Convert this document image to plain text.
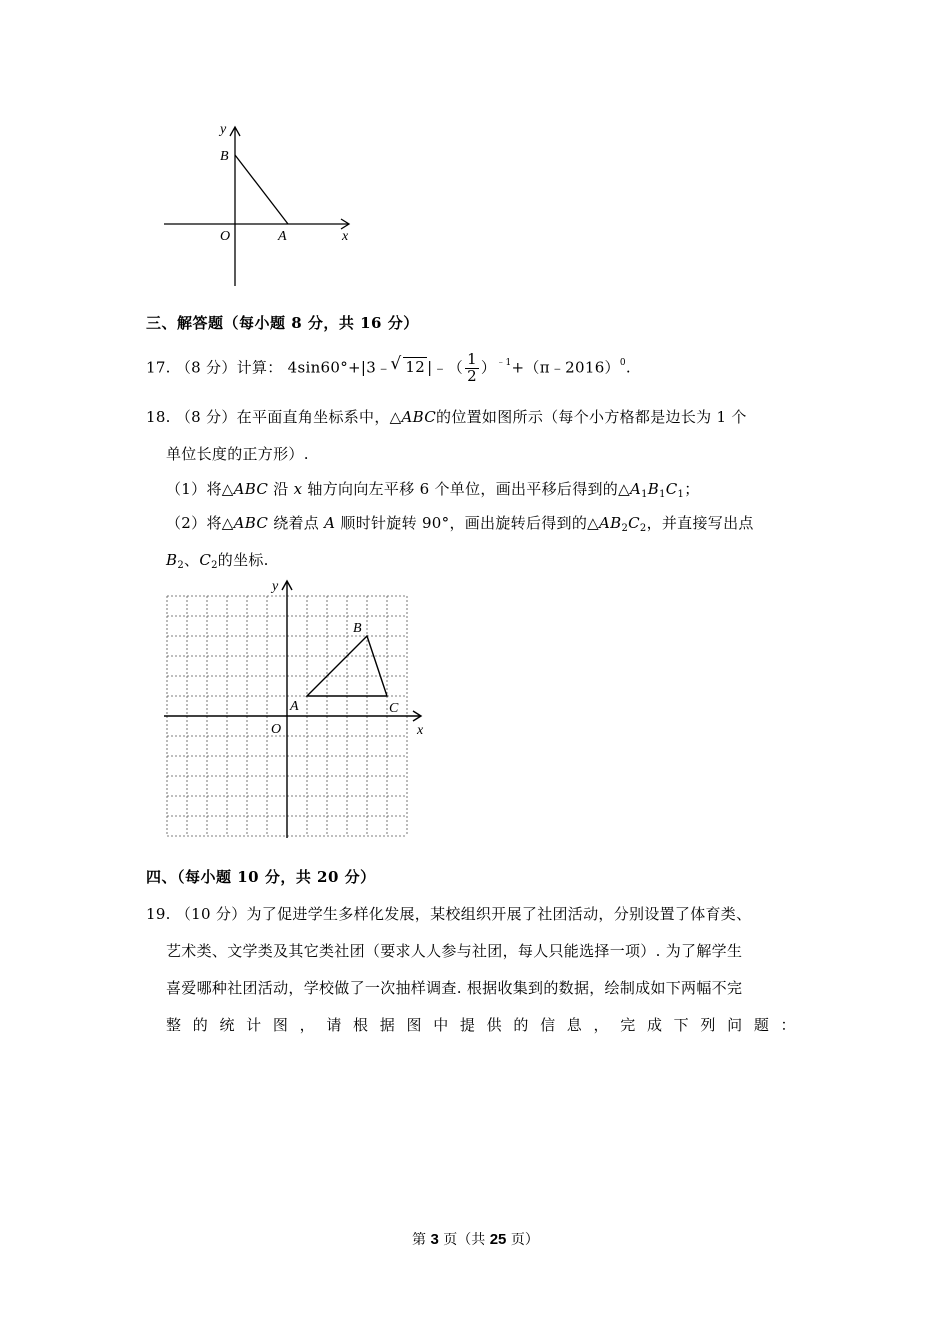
y
B
O	A	x
三、解答题（每小题 8 分，共 16 分）
17. （8 分）计算： 4sin60°+|3﹣ √ 12 |﹣（ $\frac{1}{2}$ ）$^{﹣1}$+（π﹣2016）$^0$.
18. （8 分）在平面直角坐标系中，△ABC的位置如图所示（每个小方格都是边长为 1 个
单位长度的正方形）.
（1）将△ABC 沿 x 轴方向向左平移 6 个单位，画出平移后得到的$\triangle A_1B_1C_1$；
（2）将△ABC 绕着点 A 顺时针旋转 90°，画出旋转后得到的$\triangle AB_2C_2$，并直接写出点
$B_2$、$C_2$的坐标.
y
B
A	C
O	x
四、（每小题 10 分，共 20 分）
19. （10 分）为了促进学生多样化发展，某校组织开展了社团活动，分别设置了体育类、
艺术类、文学类及其它类社团（要求人人参与社团，每人只能选择一项）. 为了解学生
喜爱哪种社团活动，学校做了一次抽样调查. 根据收集到的数据，绘制成如下两幅不完
整 的 统 计 图 ， 请 根 据 图 中 提 供 的 信 息 ， 完 成 下 列 问 题 ：
第 3 页（共 25 页）
